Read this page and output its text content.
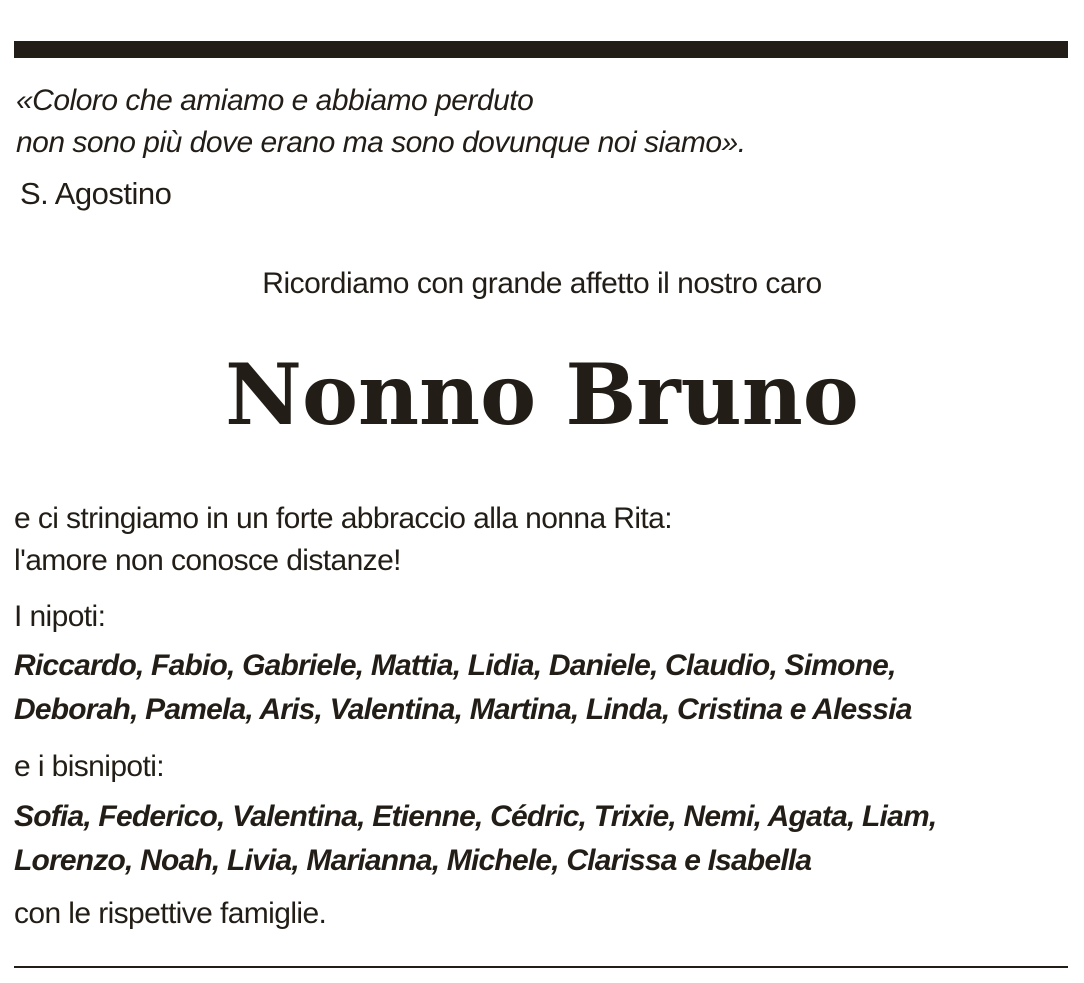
«Coloro che amiamo e abbiamo perduto
non sono più dove erano ma sono dovunque noi siamo».
S. Agostino
Ricordiamo con grande affetto il nostro caro
Nonno Bruno
e ci stringiamo in un forte abbraccio alla nonna Rita:
l'amore non conosce distanze!
I nipoti:
Riccardo, Fabio, Gabriele, Mattia, Lidia, Daniele, Claudio, Simone,
Deborah, Pamela, Aris, Valentina, Martina, Linda, Cristina e Alessia
e i bisnipoti:
Sofia, Federico, Valentina, Etienne, Cédric, Trixie, Nemi, Agata, Liam,
Lorenzo, Noah, Livia, Marianna, Michele, Clarissa e Isabella
con le rispettive famiglie.
